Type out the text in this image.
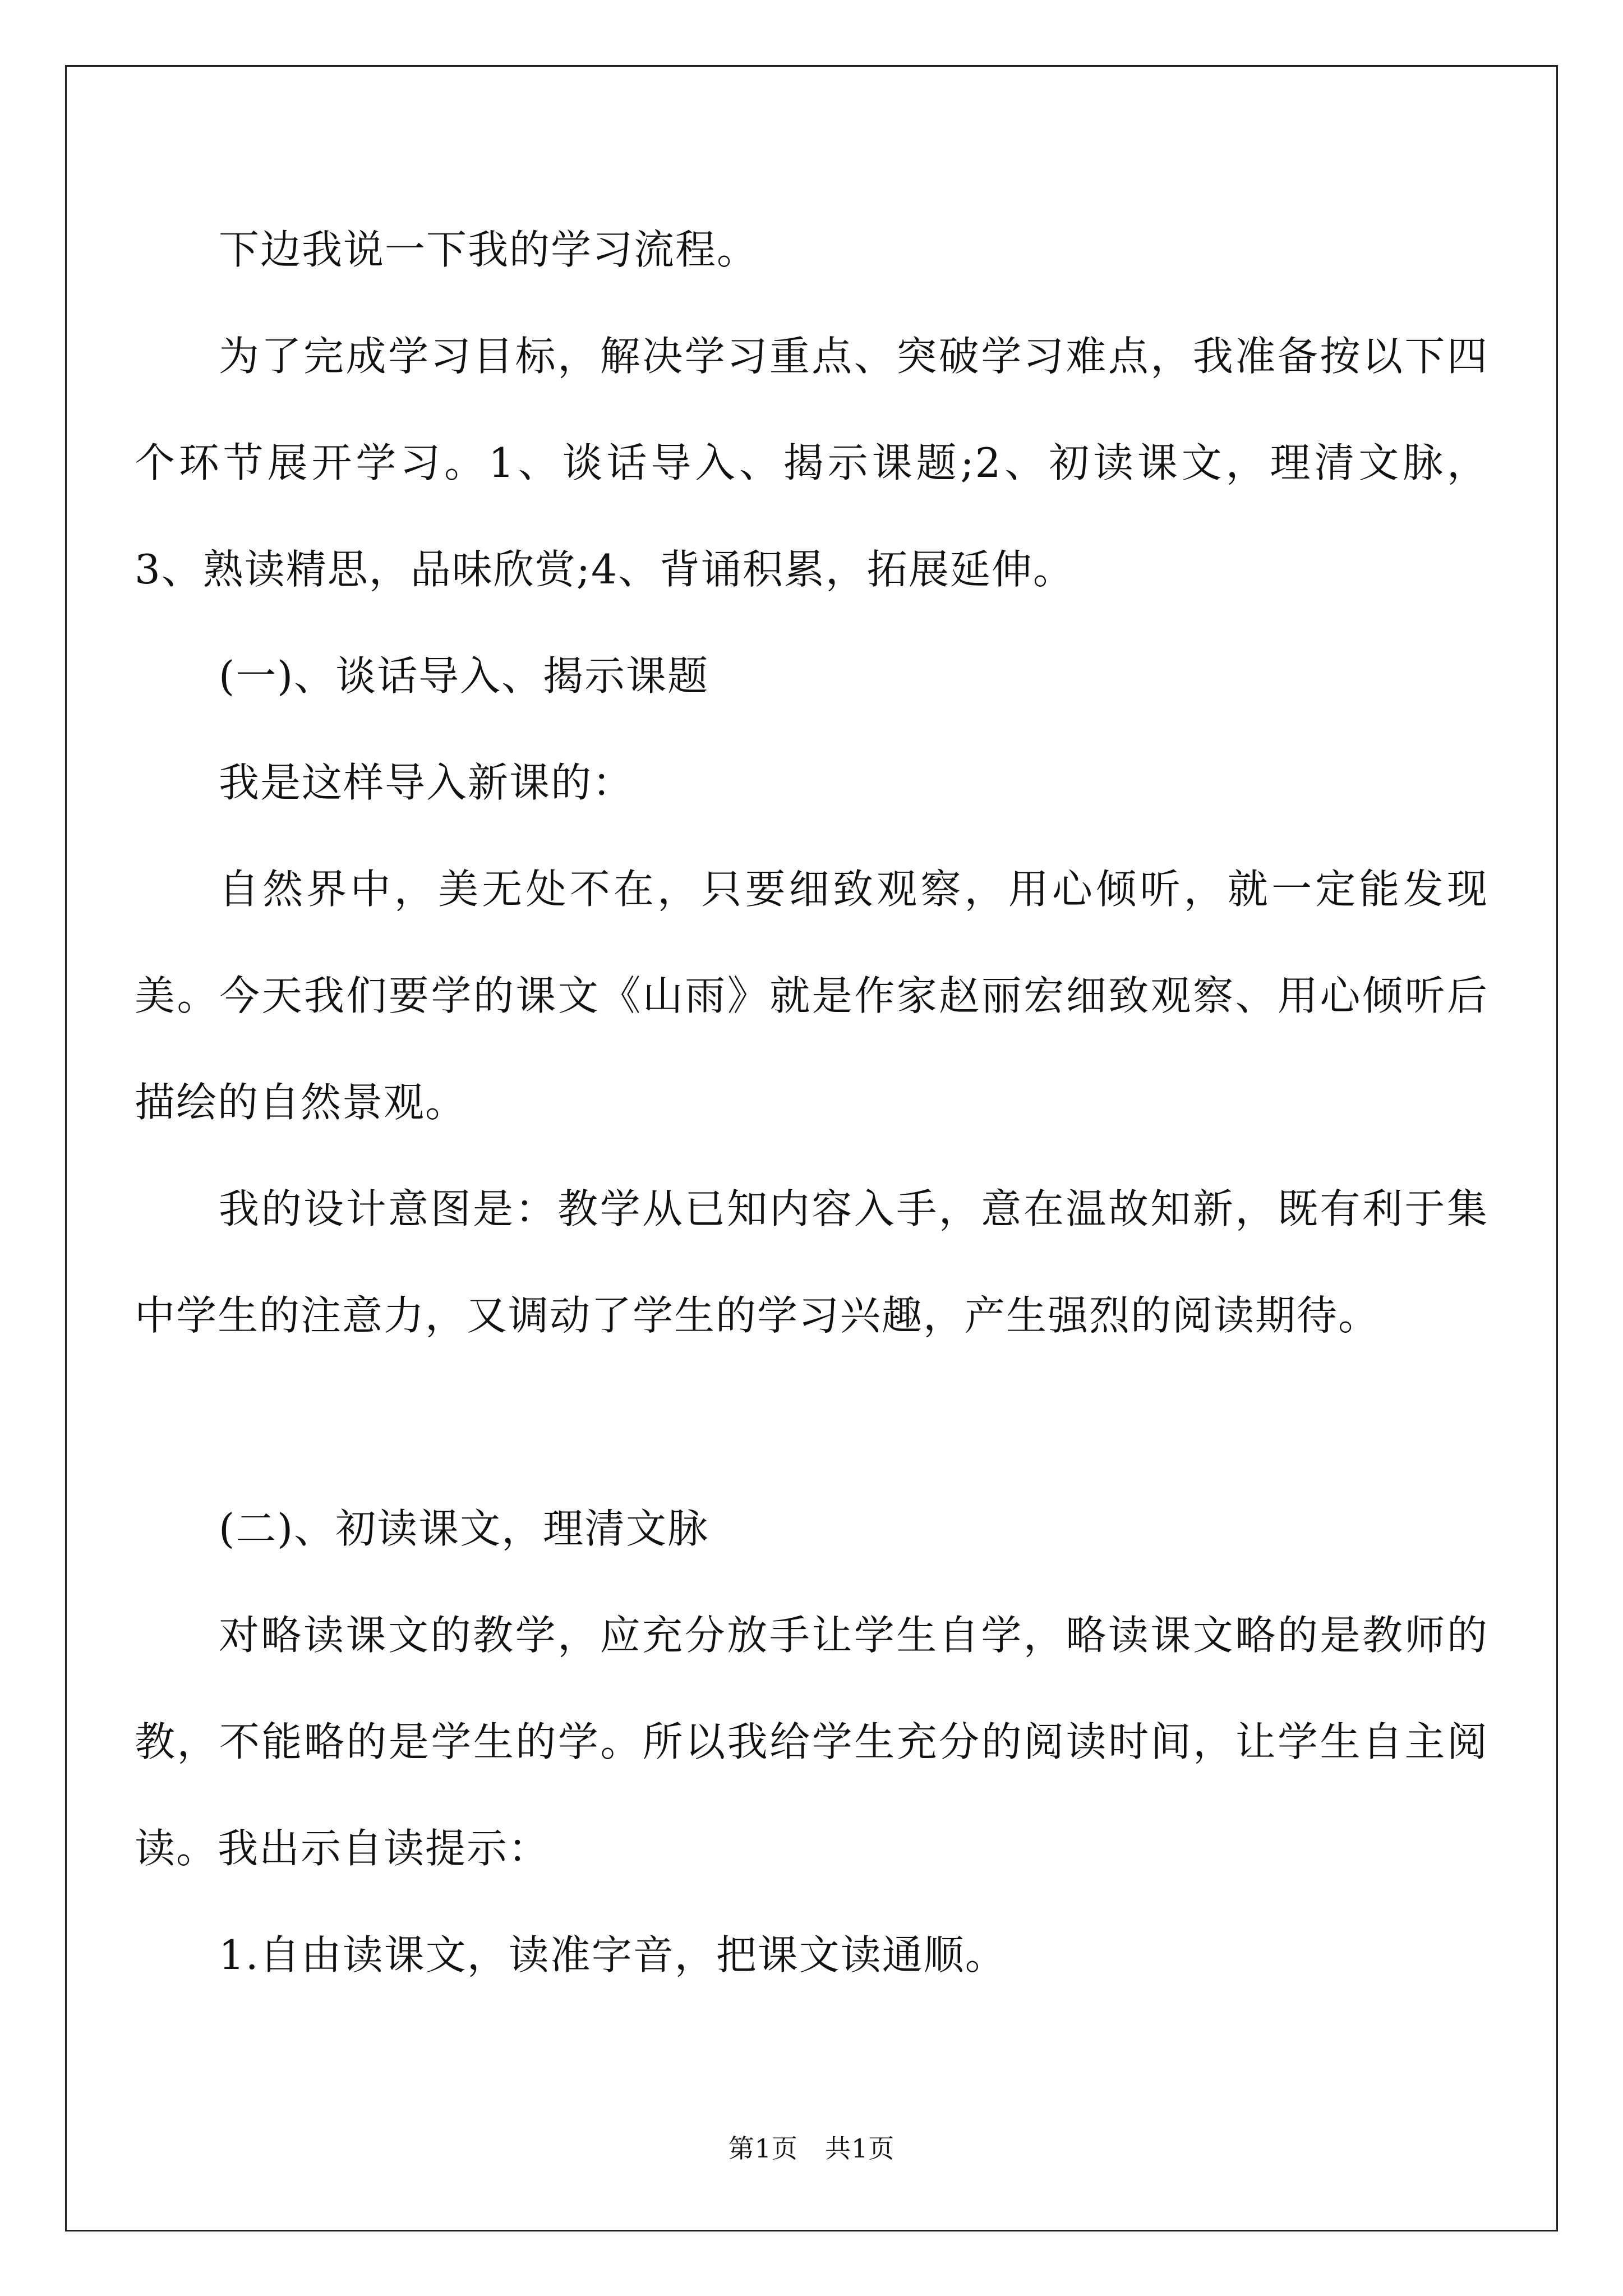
下边我说一下我的学习流程。

为了完成学习目标，解决学习重点、突破学习难点，我准备按以下四个环节展开学习。1、谈话导入、揭示课题;2、初读课文，理清文脉， 3、熟读精思，品味欣赏;4、背诵积累，拓展延伸。

(一)、谈话导入、揭示课题

我是这样导入新课的：

自然界中，美无处不在，只要细致观察，用心倾听，就一定能发现美。今天我们要学的课文《山雨》就是作家赵丽宏细致观察、用心倾听后描绘的自然景观。

我的设计意图是：教学从已知内容入手，意在温故知新，既有利于集中学生的注意力，又调动了学生的学习兴趣，产生强烈的阅读期待。

(二)、初读课文，理清文脉

对略读课文的教学，应充分放手让学生自学，略读课文略的是教师的教，不能略的是学生的学。所以我给学生充分的阅读时间，让学生自主阅读。我出示自读提示：

1.自由读课文，读准字音，把课文读通顺。

第1页 共1页
